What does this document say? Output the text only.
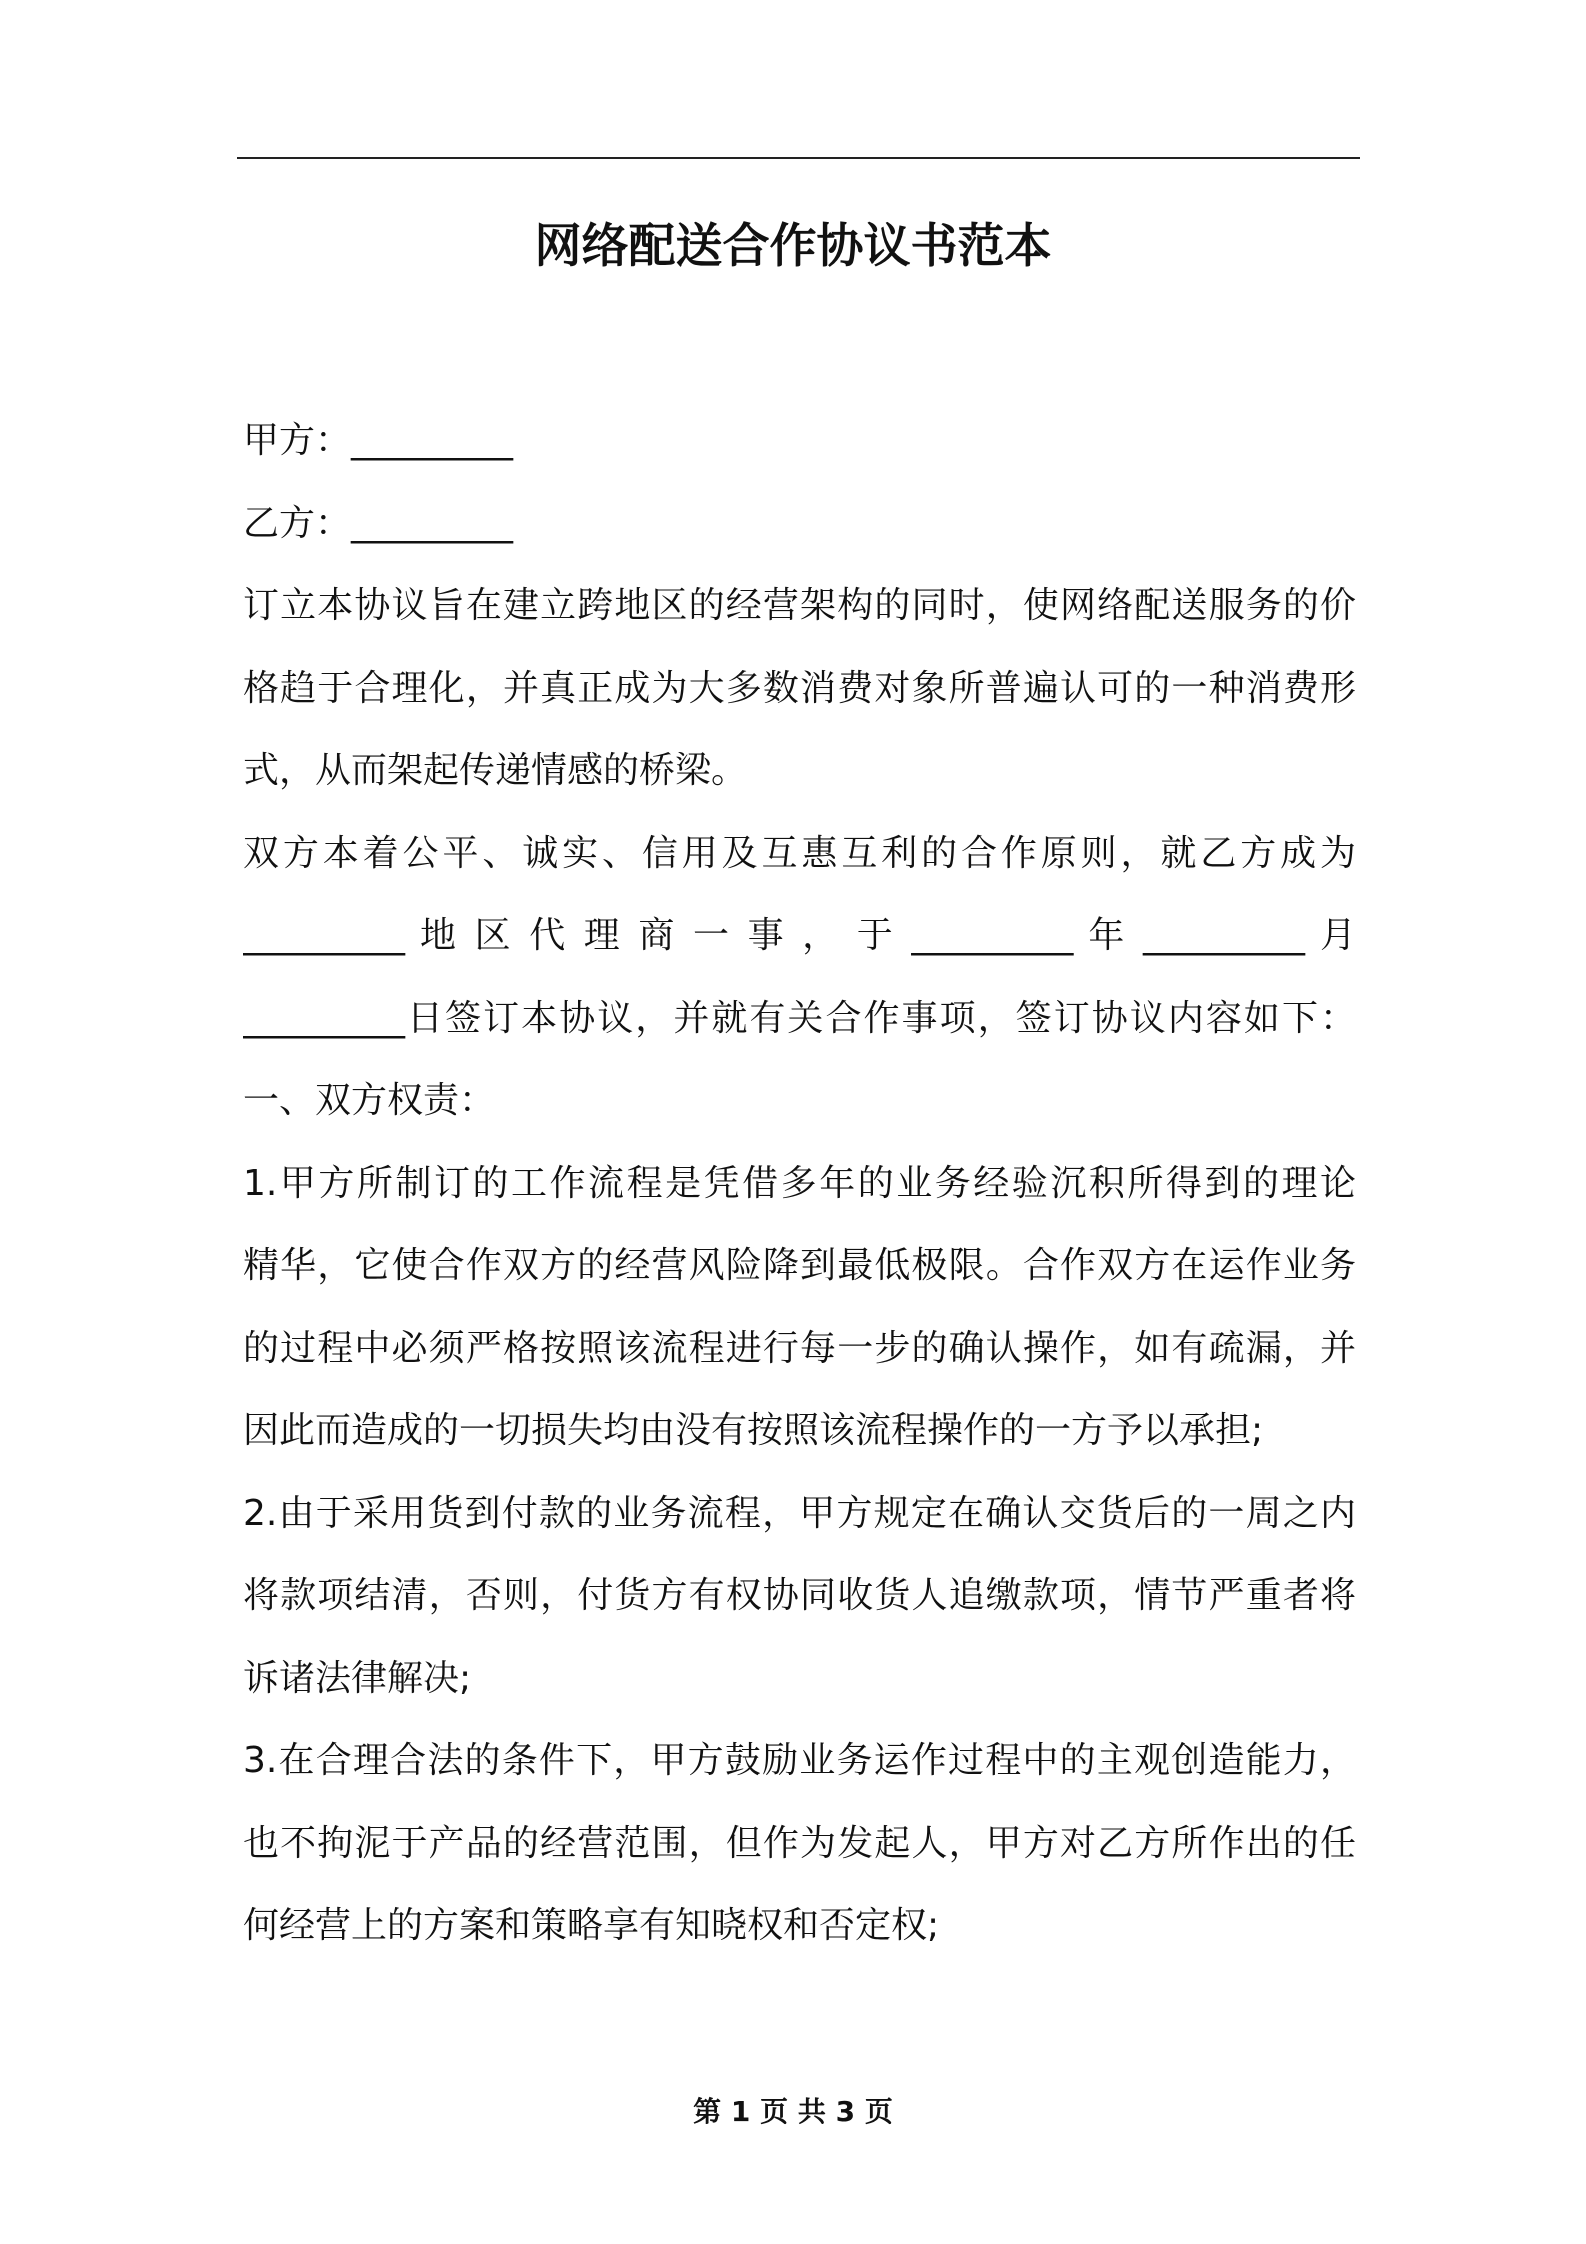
网络配送合作协议书范本
甲方：_________
乙方：_________
订立本协议旨在建立跨地区的经营架构的同时，使网络配送服务的价
格趋于合理化，并真正成为大多数消费对象所普遍认可的一种消费形
式，从而架起传递情感的桥梁。
双方本着公平、诚实、信用及互惠互利的合作原则，就乙方成为
_________ 地 区 代 理 商 一 事 ， 于 _________ 年 _________ 月
_________日签订本协议，并就有关合作事项，签订协议内容如下：
一、双方权责：
1.甲方所制订的工作流程是凭借多年的业务经验沉积所得到的理论
精华，它使合作双方的经营风险降到最低极限。合作双方在运作业务
的过程中必须严格按照该流程进行每一步的确认操作，如有疏漏，并
因此而造成的一切损失均由没有按照该流程操作的一方予以承担;
2.由于采用货到付款的业务流程，甲方规定在确认交货后的一周之内
将款项结清，否则，付货方有权协同收货人追缴款项，情节严重者将
诉诸法律解决;
3.在合理合法的条件下，甲方鼓励业务运作过程中的主观创造能力，
也不拘泥于产品的经营范围，但作为发起人，甲方对乙方所作出的任
何经营上的方案和策略享有知晓权和否定权;
第 1 页 共 3 页
